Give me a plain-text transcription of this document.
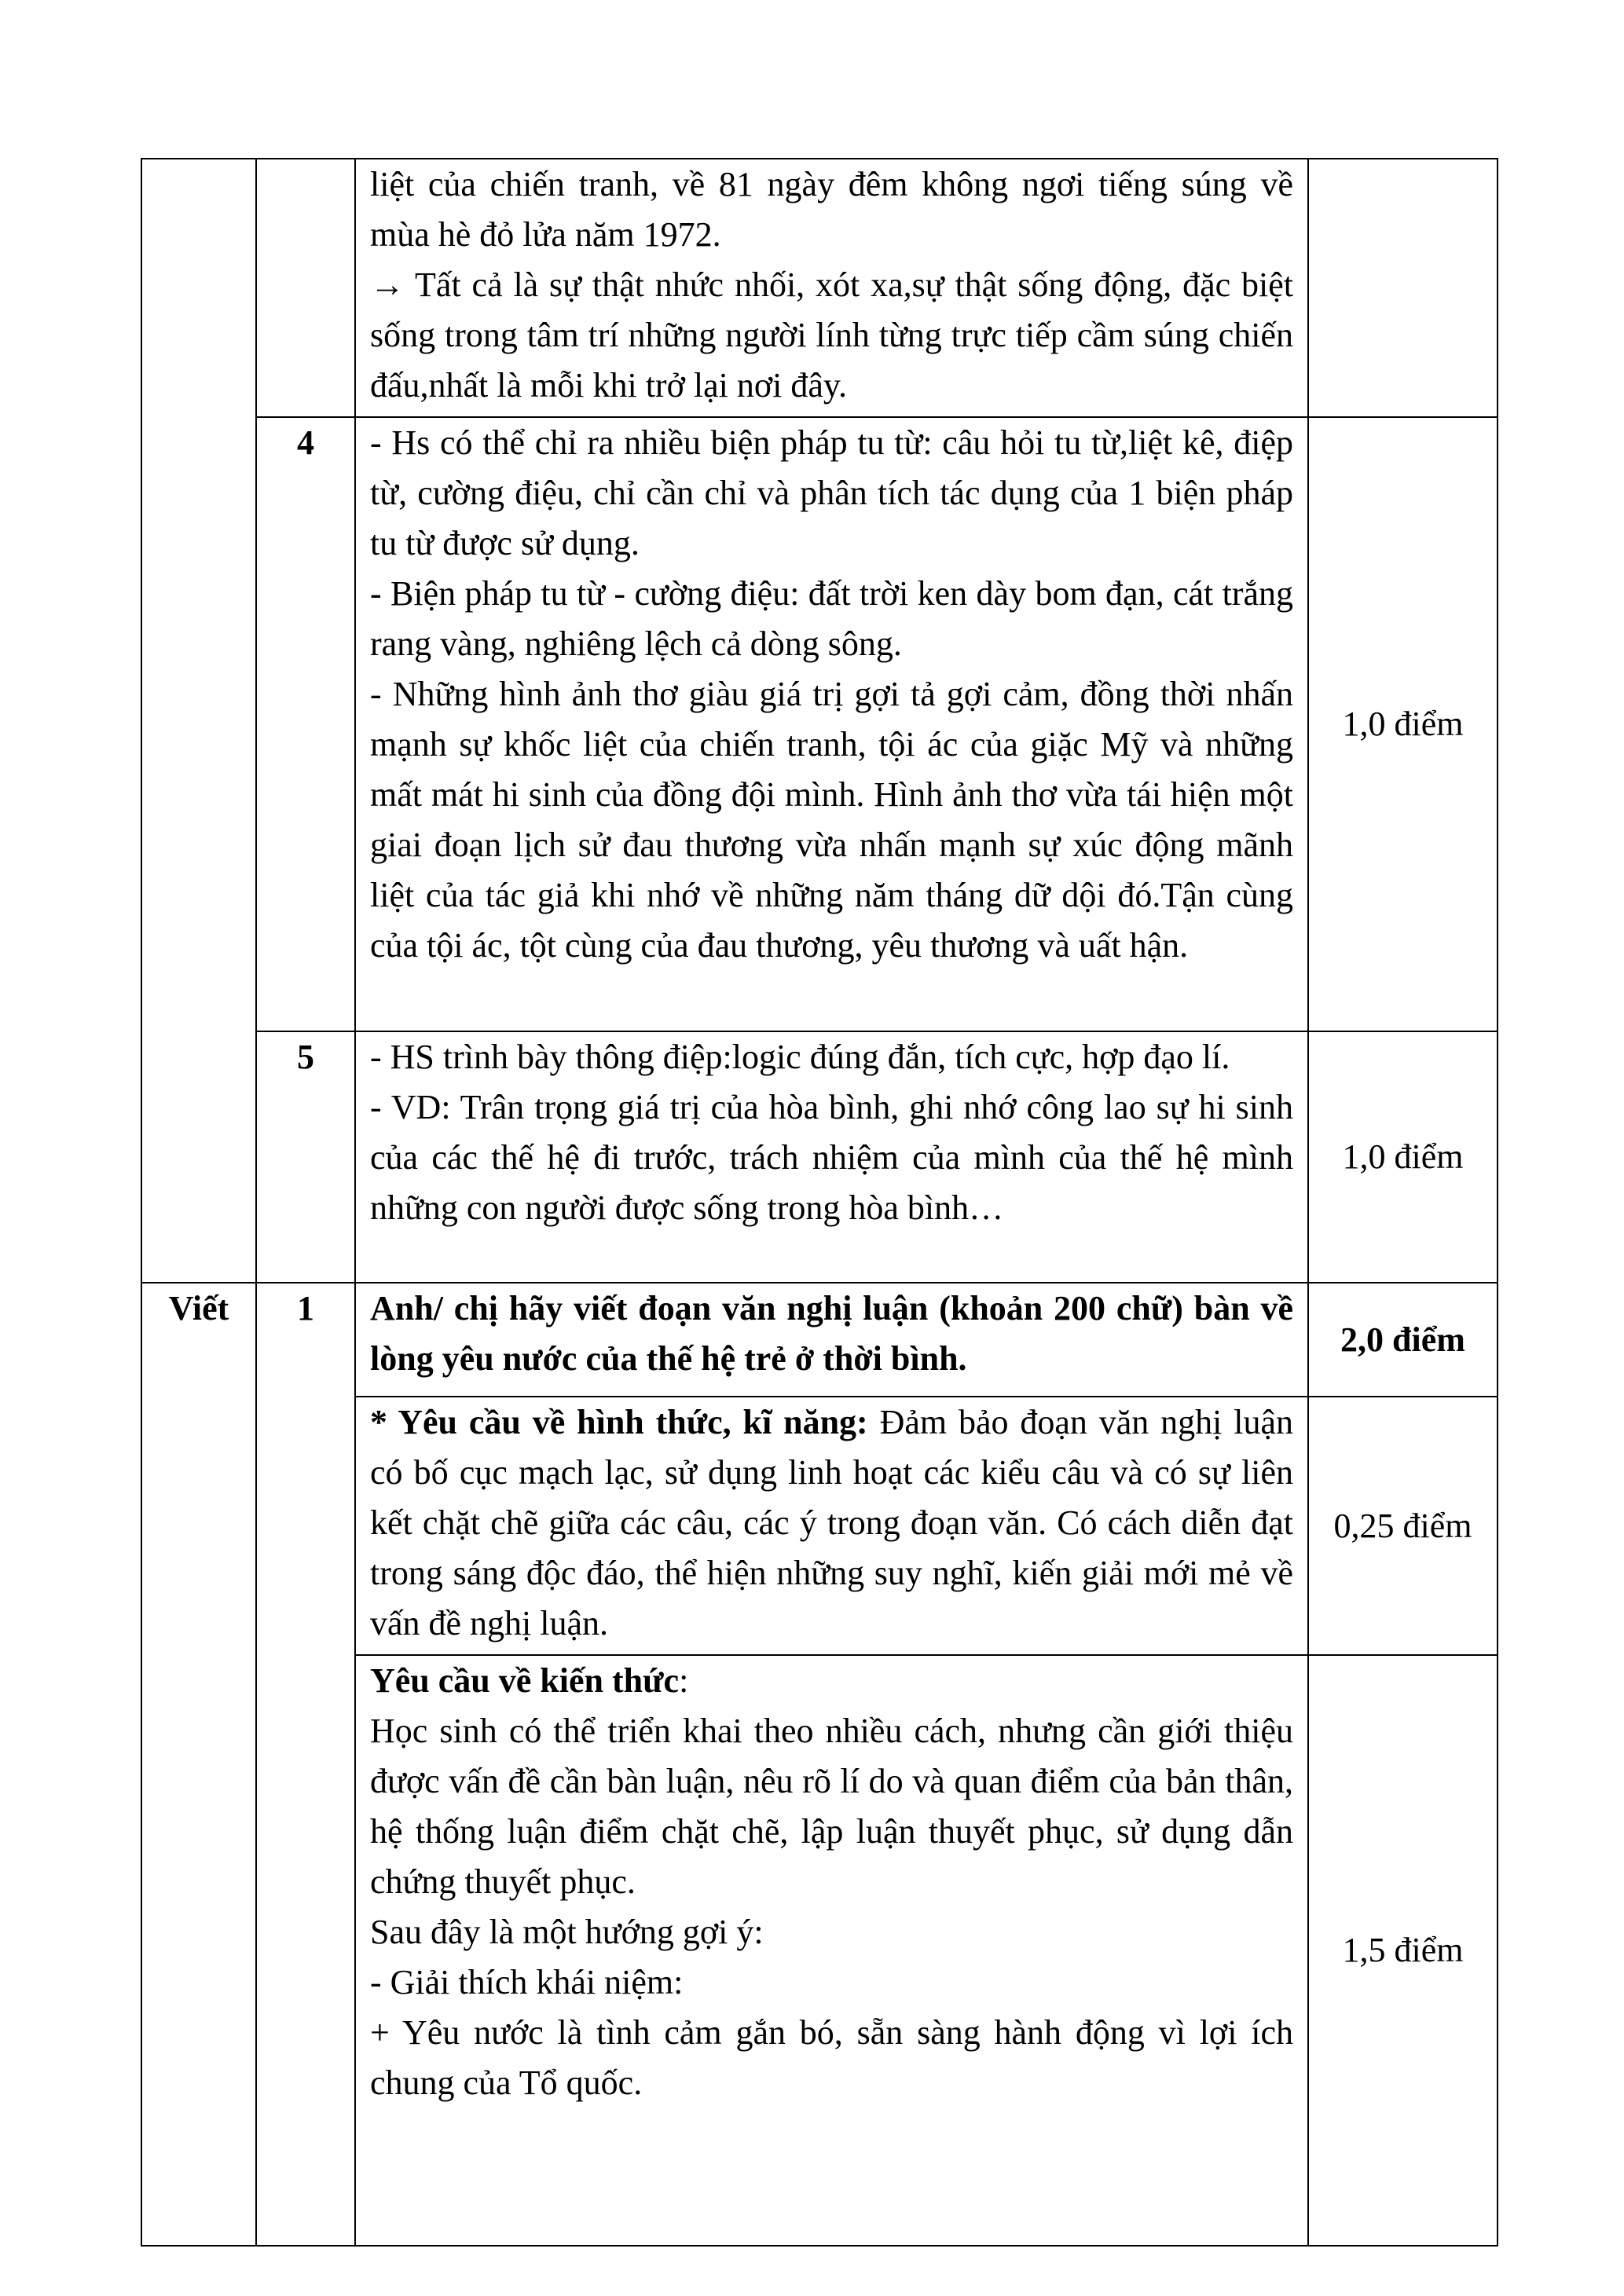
		liệt của chiến tranh, về 81 ngày đêm không ngơi tiếng súng về mùa hè đỏ lửa năm 1972.

→ Tất cả là sự thật nhức nhối, xót xa,sự thật sống động, đặc biệt sống trong tâm trí những người lính từng trực tiếp cầm súng chiến đấu,nhất là mỗi khi trở lại nơi đây.	

	4	- Hs có thể chỉ ra nhiều biện pháp tu từ: câu hỏi tu từ,liệt kê, điệp từ, cường điệu, chỉ cần chỉ và phân tích tác dụng của 1 biện pháp tu từ được sử dụng.

- Biện pháp tu từ - cường điệu: đất trời ken dày bom đạn, cát trắng rang vàng, nghiêng lệch cả dòng sông.

- Những hình ảnh thơ giàu giá trị gợi tả gợi cảm, đồng thời nhấn mạnh sự khốc liệt của chiến tranh, tội ác của giặc Mỹ và những mất mát hi sinh của đồng đội mình. Hình ảnh thơ vừa tái hiện một giai đoạn lịch sử đau thương vừa nhấn mạnh sự xúc động mãnh liệt của tác giả khi nhớ về những năm tháng dữ dội đó.Tận cùng của tội ác, tột cùng của đau thương, yêu thương và uất hận.	1,0 điểm
	5	- HS trình bày thông điệp:logic đúng đắn, tích cực, hợp đạo lí.

- VD: Trân trọng giá trị của hòa bình, ghi nhớ công lao sự hi sinh của các thế hệ đi trước, trách nhiệm của mình của thế hệ mình những con người được sống trong hòa bình…	1,0 điểm
Viết	1	Anh/ chị hãy viết đoạn văn nghị luận (khoản 200 chữ) bàn về lòng yêu nước của thế hệ trẻ ở thời bình.	2,0 điểm

		* Yêu cầu về hình thức, kĩ năng: Đảm bảo đoạn văn nghị luận có bố cục mạch lạc, sử dụng linh hoạt các kiểu câu và có sự liên kết chặt chẽ giữa các câu, các ý trong đoạn văn. Có cách diễn đạt trong sáng độc đáo, thể hiện những suy nghĩ, kiến giải mới mẻ về vấn đề nghị luận.	0,25 điểm

		Yêu cầu về kiến thức:

Học sinh có thể triển khai theo nhiều cách, nhưng cần giới thiệu được vấn đề cần bàn luận, nêu rõ lí do và quan điểm của bản thân, hệ thống luận điểm chặt chẽ, lập luận thuyết phục, sử dụng dẫn chứng thuyết phục.

Sau đây là một hướng gợi ý:

- Giải thích khái niệm:

+ Yêu nước là tình cảm gắn bó, sẵn sàng hành động vì lợi ích chung của Tổ quốc.	1,5 điểm
